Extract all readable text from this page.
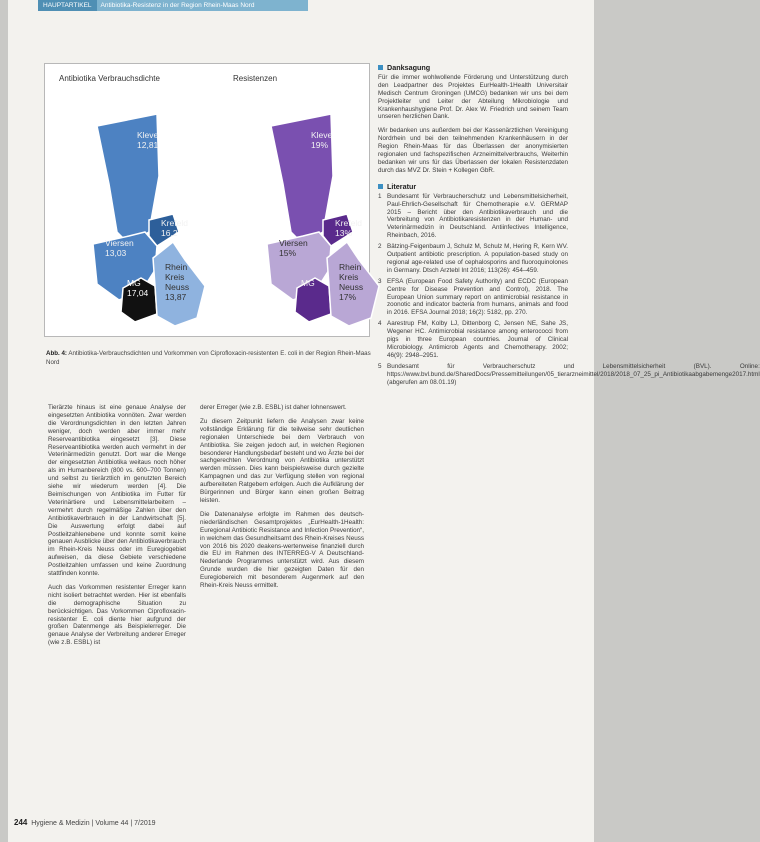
HAUPTARTIKEL Antibiotika-Resistenz in der Region Rhein-Maas Nord
Antibiotika Verbrauchsdichte	Resistenzen
Kleve 12,81
Krefeld 16,2
Viersen 13,03
MG 17,04
Rhein Kreis Neuss 13,87
Kleve 19%
Krefeld 13%
Viersen 15%
MG
Rhein Kreis Neuss 17%
Abb. 4: Antibiotika-Verbrauchsdichten und Vorkommen von Ciprofloxacin-resistenten E. coli in der Region Rhein-Maas Nord

Tierärzte hinaus ist eine genaue Analyse der eingesetzten Antibiotika vonnöten. Zwar werden die Verordnungsdichten in den letzten Jahren weniger, doch werden aber immer mehr Reserveantibiotika eingesetzt [3]. Diese Reserveantibiotika werden auch vermehrt in der Veterinärmedizin genutzt. Dort war die Menge der eingesetzten Antibiotika weitaus noch höher als im Humanbereich (800 vs. 600–700 Tonnen) und selbst zu tierärztlich im genutzten Bereich siehe wir wiederum werden [4]. Die Beimischungen von Antibiotika im Futter für Veterinärtiere und Lebensmittelarbeitern – vermehrt durch regelmäßige Zahlen über den Antibiotikaverbrauch in der Landwirtschaft [5]. Die Auswertung erfolgt dabei auf Postleitzahlenebene und konnte somit keine genauen Ausblicke über den Antibiotikaverbrauch im Rhein-Kreis Neuss oder im Euregiogebiet aufweisen, da diese Gebiete verschiedene Postleitzahlen umfassen und keine Zuordnung stattfinden konnte.

Auch das Vorkommen resistenter Erreger kann nicht isoliert betrachtet werden. Hier ist ebenfalls die demographische Situation zu berücksichtigen. Das Vorkommen Ciprofloxacin-resistenter E. coli diente hier aufgrund der großen Datenmenge als Beispielerreger. Die genaue Analyse der Verbreitung anderer Erreger (wie z.B. ESBL) ist

derer Erreger (wie z.B. ESBL) ist daher lohnenswert.

Zu diesem Zeitpunkt liefern die Analysen zwar keine vollständige Erklärung für die teilweise sehr deutlichen regionalen Unterschiede bei dem Verbrauch von Antibiotika. Sie zeigen jedoch auf, in welchen Regionen besonderer Handlungsbedarf besteht und wo Ärzte bei der sachgerechten Verordnung von Antibiotika unterstützt werden müssen. Dies kann beispielsweise durch gezielte Kampagnen und das zur Verfügung stellen von regional aufbereiteten Ratgebern erfolgen. Auch die Aufklärung der Bürgerinnen und Bürger kann einen großen Beitrag leisten.

Die Datenanalyse erfolgte im Rahmen des deutsch-niederländischen Gesamtprojektes „EurHealth-1Health: Euregional Antibiotic Resistance and Infection Prevention“, in welchem das Gesundheitsamt des Rhein-Kreises Neuss von 2016 bis 2020 deakens-wertenweise finanziell durch die EU im Rahmen des INTERREG-V A Deutschland-Nederlande Programmes unterstützt wird. Aus diesem Grunde wurden die hier gezeigten Daten für den Euregiobereich mit besonderem Augenmerk auf den Rhein-Kreis Neuss ermittelt.

Danksagung

Für die immer wohlwollende Förderung und Unterstützung durch den Leadpartner des Projektes EurHealth-1Health Universitair Medisch Centrum Groningen (UMCG) bedanken wir uns bei dem Projektleiter und Leiter der Abteilung Mikrobiologie und Krankenhaushygiene Prof. Dr. Alex W. Friedrich und seinem Team unseren herzlichen Dank.

Wir bedanken uns außerdem bei der Kassenärztlichen Vereinigung Nordrhein und bei den teilnehmenden Krankenhäusern in der Region Rhein-Maas für das Überlassen der anonymisierten regionalen und fachspezifischen Arzneimittelverbrauchs, Weiterhin bedanken wir uns für das Überlassen der lokalen Resistenzdaten durch das MVZ Dr. Stein + Kollegen GbR.

Literatur
1 Bundesamt für Verbraucherschutz und Lebensmittelsicherheit, Paul-Ehrlich-Gesellschaft für Chemotherapie e.V. GERMAP 2015 – Bericht über den Antibiotikaverbrauch und die Verbreitung von Antibiotikaresistenzen in der Human- und Veterinärmedizin in Deutschland. Antiinfectives Intelligence, Rheinbach, 2016.
2 Bätzing-Feigenbaum J, Schulz M, Schulz M, Hering R, Kern WV. Outpatient antibiotic prescription. A population-based study on regional age-related use of cephalosporins and fluoroquinolones in Germany. Dtsch Arztebl Int 2016; 113(26): 454–459.
3 EFSA (European Food Safety Authority) and ECDC (European Centre for Disease Prevention and Control), 2018. The European Union summary report on antimicrobial resistance in zoonotic and indicator bacteria from humans, animals and food in 2016. EFSA Journal 2018; 16(2): 5182, pp. 270.
4 Aarestrup FM, Kolby LJ, Dittenborg C, Jensen NE, Sahe JS, Wegener HC. Antimicrobial resistance among enterococci from pigs in three European countries. Journal of Clinical Microbiology. Antimicrob Agents and Chemotherapy. 2002; 46(9): 2948–2951.
5 Bundesamt für Verbraucherschutz und Lebensmittelsicherheit (BVL). Online: https://www.bvl.bund.de/SharedDocs/Pressemitteilungen/05_tierarzneimittel/2018/2018_07_25_pi_Antibiotikaabgabemenge2017.html (abgerufen am 08.01.19)
244 Hygiene & Medizin | Volume 44 | 7/2019
